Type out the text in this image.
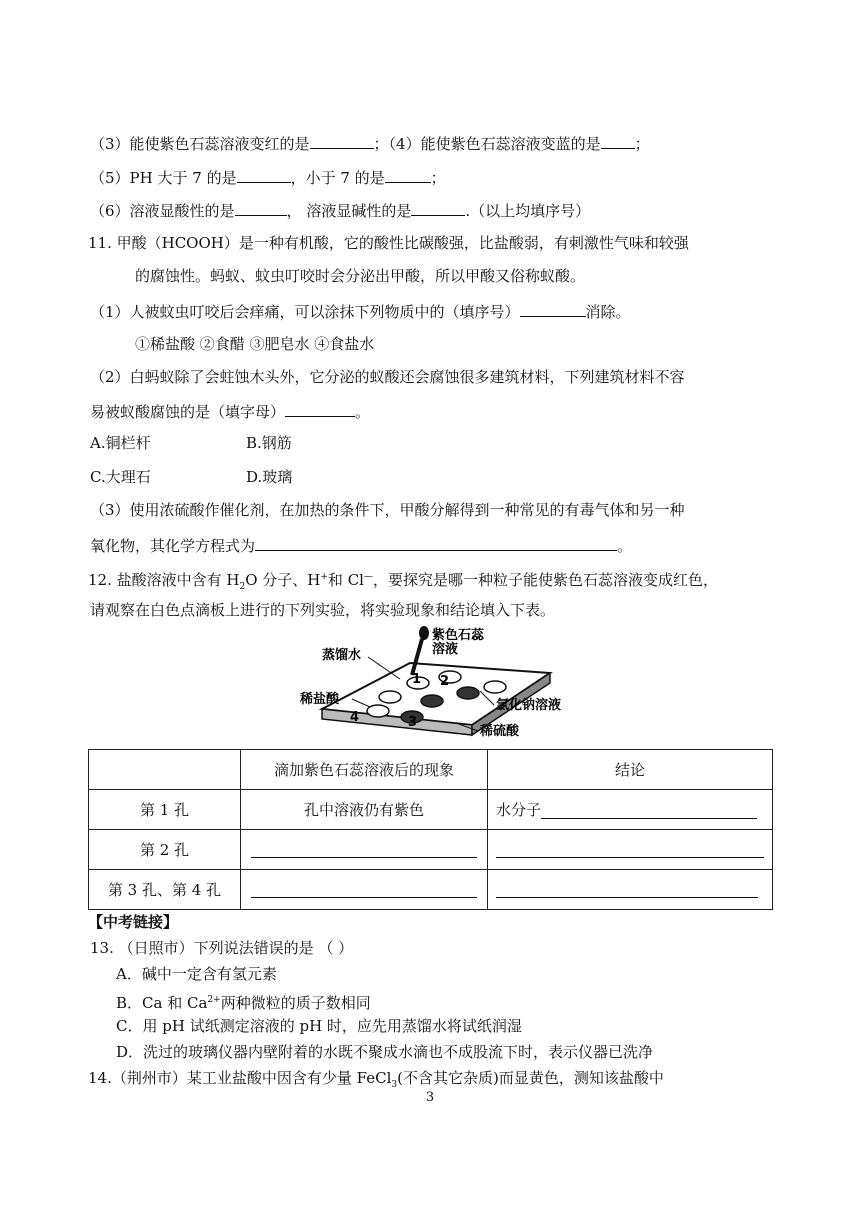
（3）能使紫色石蕊溶液变红的是	；（4）能使紫色石蕊溶液变蓝的是 ；
（5）PH 大于 7 的是	，小于 7 的是	；
（6）溶液显酸性的是	， 溶液显碱性的是	.（以上均填序号）
11. 甲酸（HCOOH）是一种有机酸，它的酸性比碳酸强，比盐酸弱，有刺激性气味和较强
的腐蚀性。蚂蚁、蚊虫叮咬时会分泌出甲酸，所以甲酸又俗称蚁酸。
（1）人被蚊虫叮咬后会痒痛，可以涂抹下列物质中的（填序号）	消除。
①稀盐酸 ②食醋 ③肥皂水 ④食盐水
（2）白蚂蚁除了会蛀蚀木头外，它分泌的蚁酸还会腐蚀很多建筑材料，下列建筑材料不容
易被蚁酸腐蚀的是（填字母）	。
A.铜栏杆	B.钢筋
C.大理石	D.玻璃
（3）使用浓硫酸作催化剂，在加热的条件下，甲酸分解得到一种常见的有毒气体和另一种
氧化物，其化学方程式为	。
12. 盐酸溶液中含有 $H_2O$ 分子、H+和 Cl—，要探究是哪一种粒子能使紫色石蕊溶液变成红色，
请观察在白色点滴板上进行的下列实验，将实验现象和结论填入下表。
1 2
3
4
紫色石蕊
溶液
蒸馏水
稀盐酸	氯化钠溶液
稀硫酸
	滴加紫色石蕊溶液后的现象	结论
第 1 孔	孔中溶液仍有紫色	水分子
第 2 孔		
第 3 孔、第 4 孔		
【中考链接】
13. （日照市）下列说法错误的是 （ ）
A．碱中一定含有氢元素
B．Ca 和 $Ca^{2+}$两种微粒的质子数相同
C．用 pH 试纸测定溶液的 pH 时，应先用蒸馏水将试纸润湿
D．洗过的玻璃仪器内壁附着的水既不聚成水滴也不成股流下时，表示仪器已洗净
14.（荆州市）某工业盐酸中因含有少量 FeCl$_3$(不含其它杂质)而显黄色，测知该盐酸中
3
